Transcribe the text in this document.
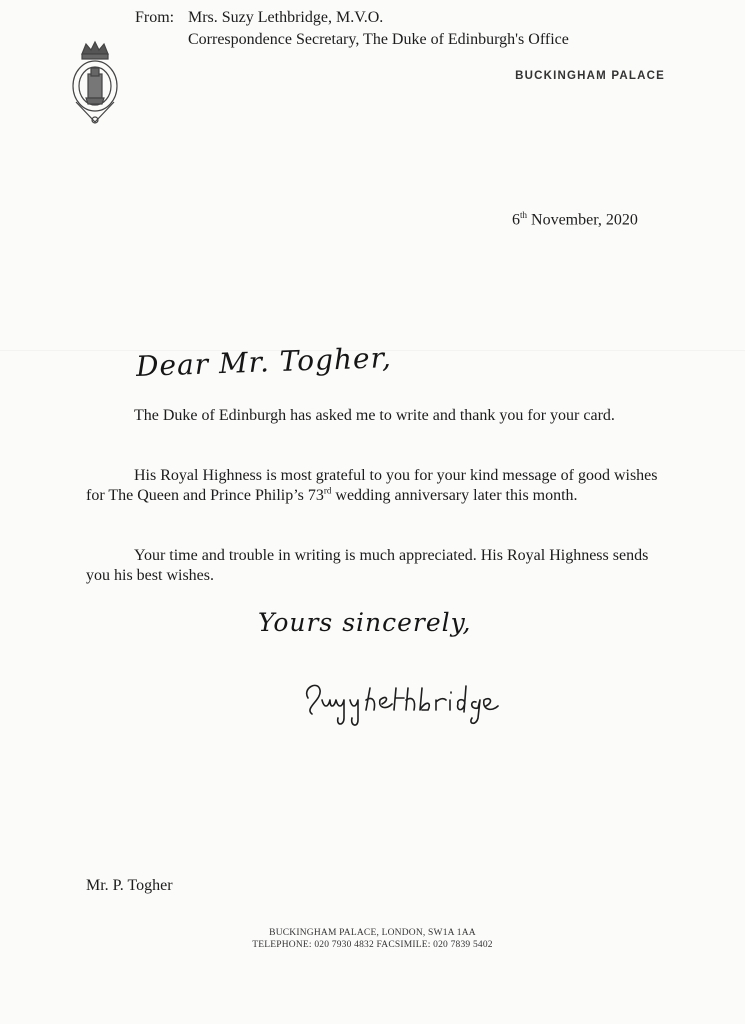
From: Mrs. Suzy Lethbridge, M.V.O.
Correspondence Secretary, The Duke of Edinburgh's Office
BUCKINGHAM PALACE
6th November, 2020
Dear Mr. Togher,
The Duke of Edinburgh has asked me to write and thank you for your card.
His Royal Highness is most grateful to you for your kind message of good wishes for The Queen and Prince Philip’s 73rd wedding anniversary later this month.
Your time and trouble in writing is much appreciated. His Royal Highness sends you his best wishes.
Yours sincerely,
Mr. P. Togher
BUCKINGHAM PALACE, LONDON, SW1A 1AA
TELEPHONE: 020 7930 4832 FACSIMILE: 020 7839 5402
